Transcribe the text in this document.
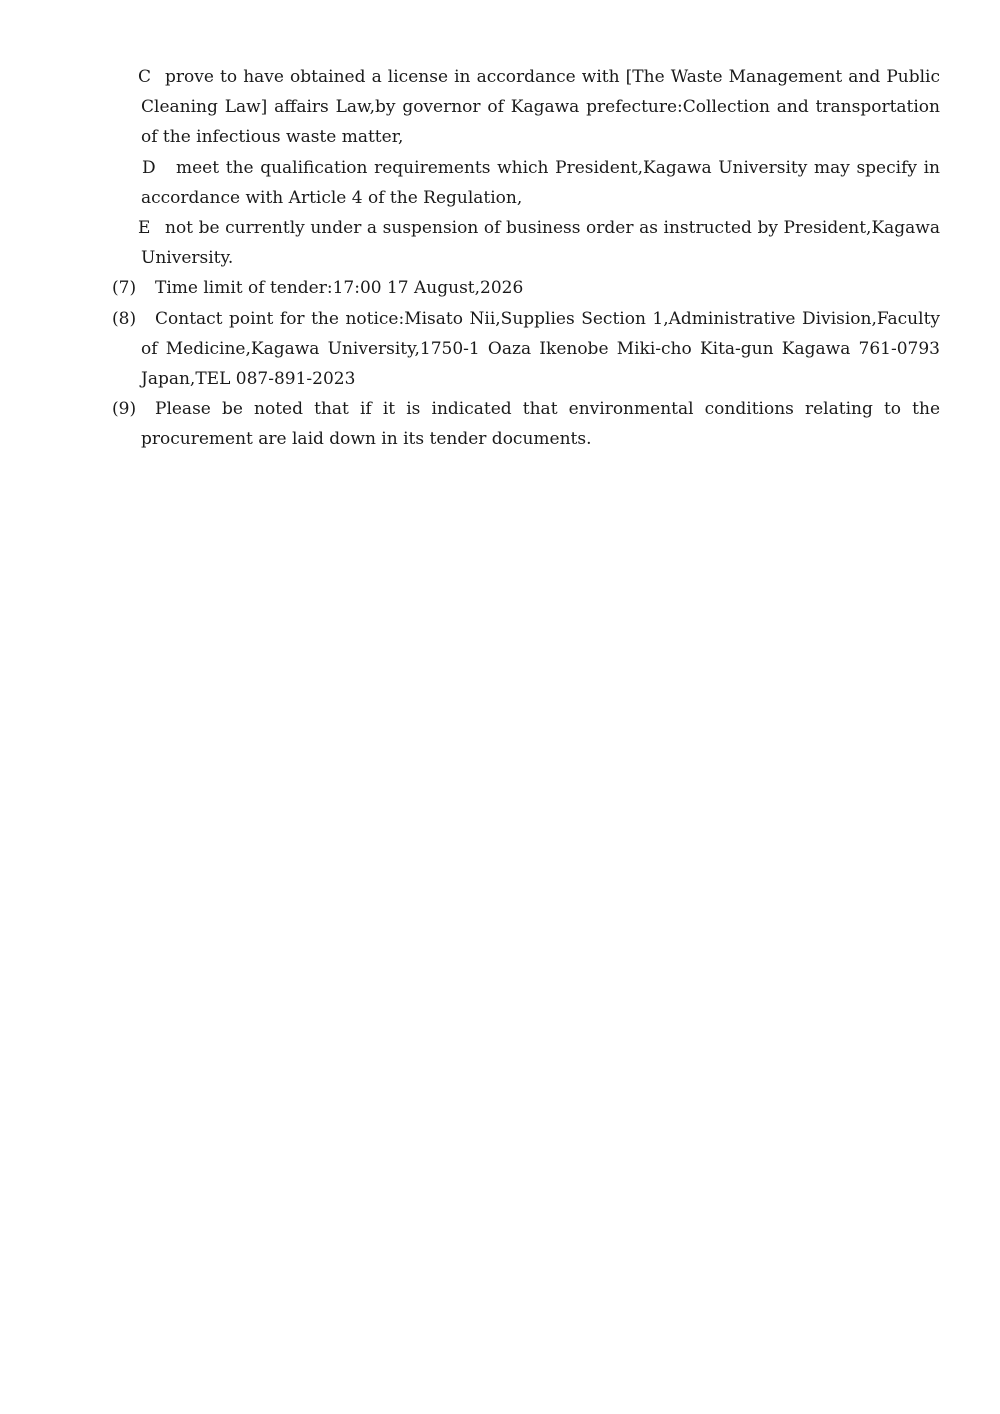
C prove to have obtained a license in accordance with [The Waste Management and Public Cleaning Law] affairs Law,by governor of Kagawa prefecture:Collection and transportation of the infectious waste matter,
D	meet the qualification requirements which President,Kagawa University may specify in accordance with Article 4 of the Regulation,
E not be currently under a suspension of business order as instructed by President,Kagawa University.
(7)	Time limit of tender:17:00 17 August,2026
(8)	Contact point for the notice:Misato Nii,Supplies Section 1,Administrative Division,Faculty of Medicine,Kagawa University,1750-1 Oaza Ikenobe Miki-cho Kita-gun Kagawa 761-0793 Japan,TEL 087-891-2023
(9)	Please be noted that if it is indicated that environmental conditions relating to the procurement are laid down in its tender documents.
